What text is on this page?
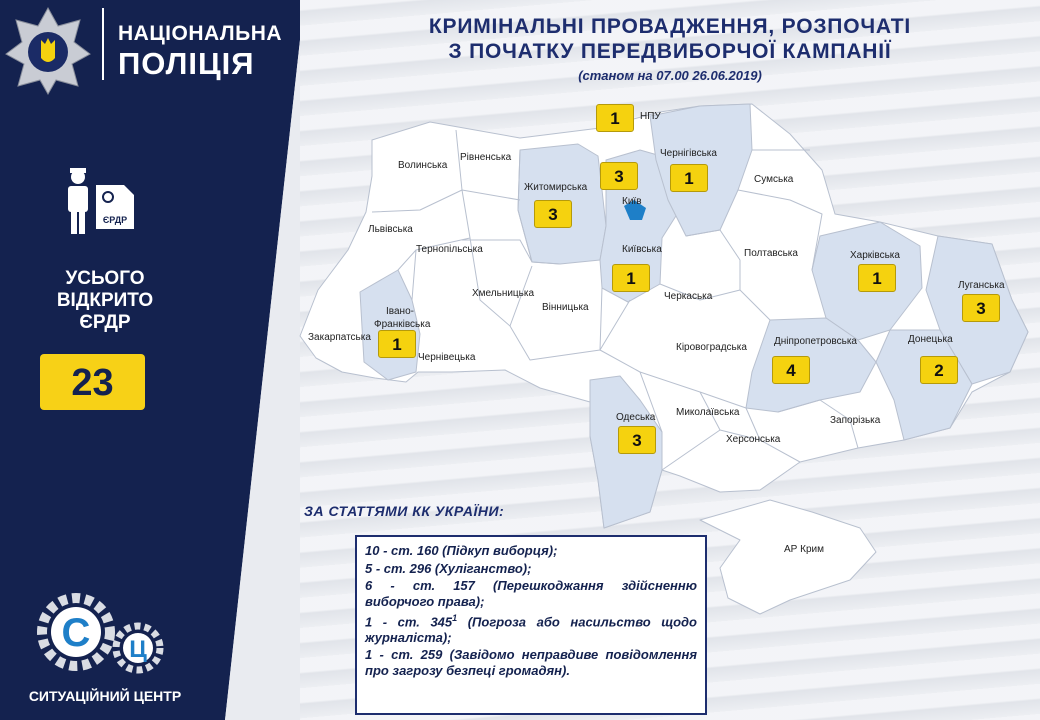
НАЦІОНАЛЬНА
ПОЛІЦІЯ
ЄРДР
УСЬОГО
ВІДКРИТО
ЄРДР
23
С Ц
СИТУАЦІЙНИЙ ЦЕНТР
КРИМІНАЛЬНІ ПРОВАДЖЕННЯ, РОЗПОЧАТІ
З ПОЧАТКУ ПЕРЕДВИБОРЧОЇ КАМПАНІЇ
(станом на 07.00 26.06.2019)
Волинська
Рівненська
Житомирська
Чернігівська
Сумська
Львівська
Тернопільська	Київська
Київ
Полтавська	Харківська
Луганська
Хмельницька
Вінницька
Черкаська
Івано-
Франківська
Закарпатська
Чернівецька
Кіровоградська
Дніпропетровська	Донецька
Одеська Миколаївська
Запорізька
Херсонська
АР Крим
1	НПУ
3	1
3
1	1
3
1
4	2
3
ЗА СТАТТЯМИ КК УКРАЇНИ:

10 - ст. 160 (Підкуп виборця);

5 - ст. 296 (Хуліганство);

6 - ст. 157 (Перешкоджання здійсненню виборчого права);

1 - ст. $345^1$ (Погроза або насильство щодо журналіста);

1 - ст. 259 (Завідомо неправдиве повідомлення про загрозу безпеці громадян).
